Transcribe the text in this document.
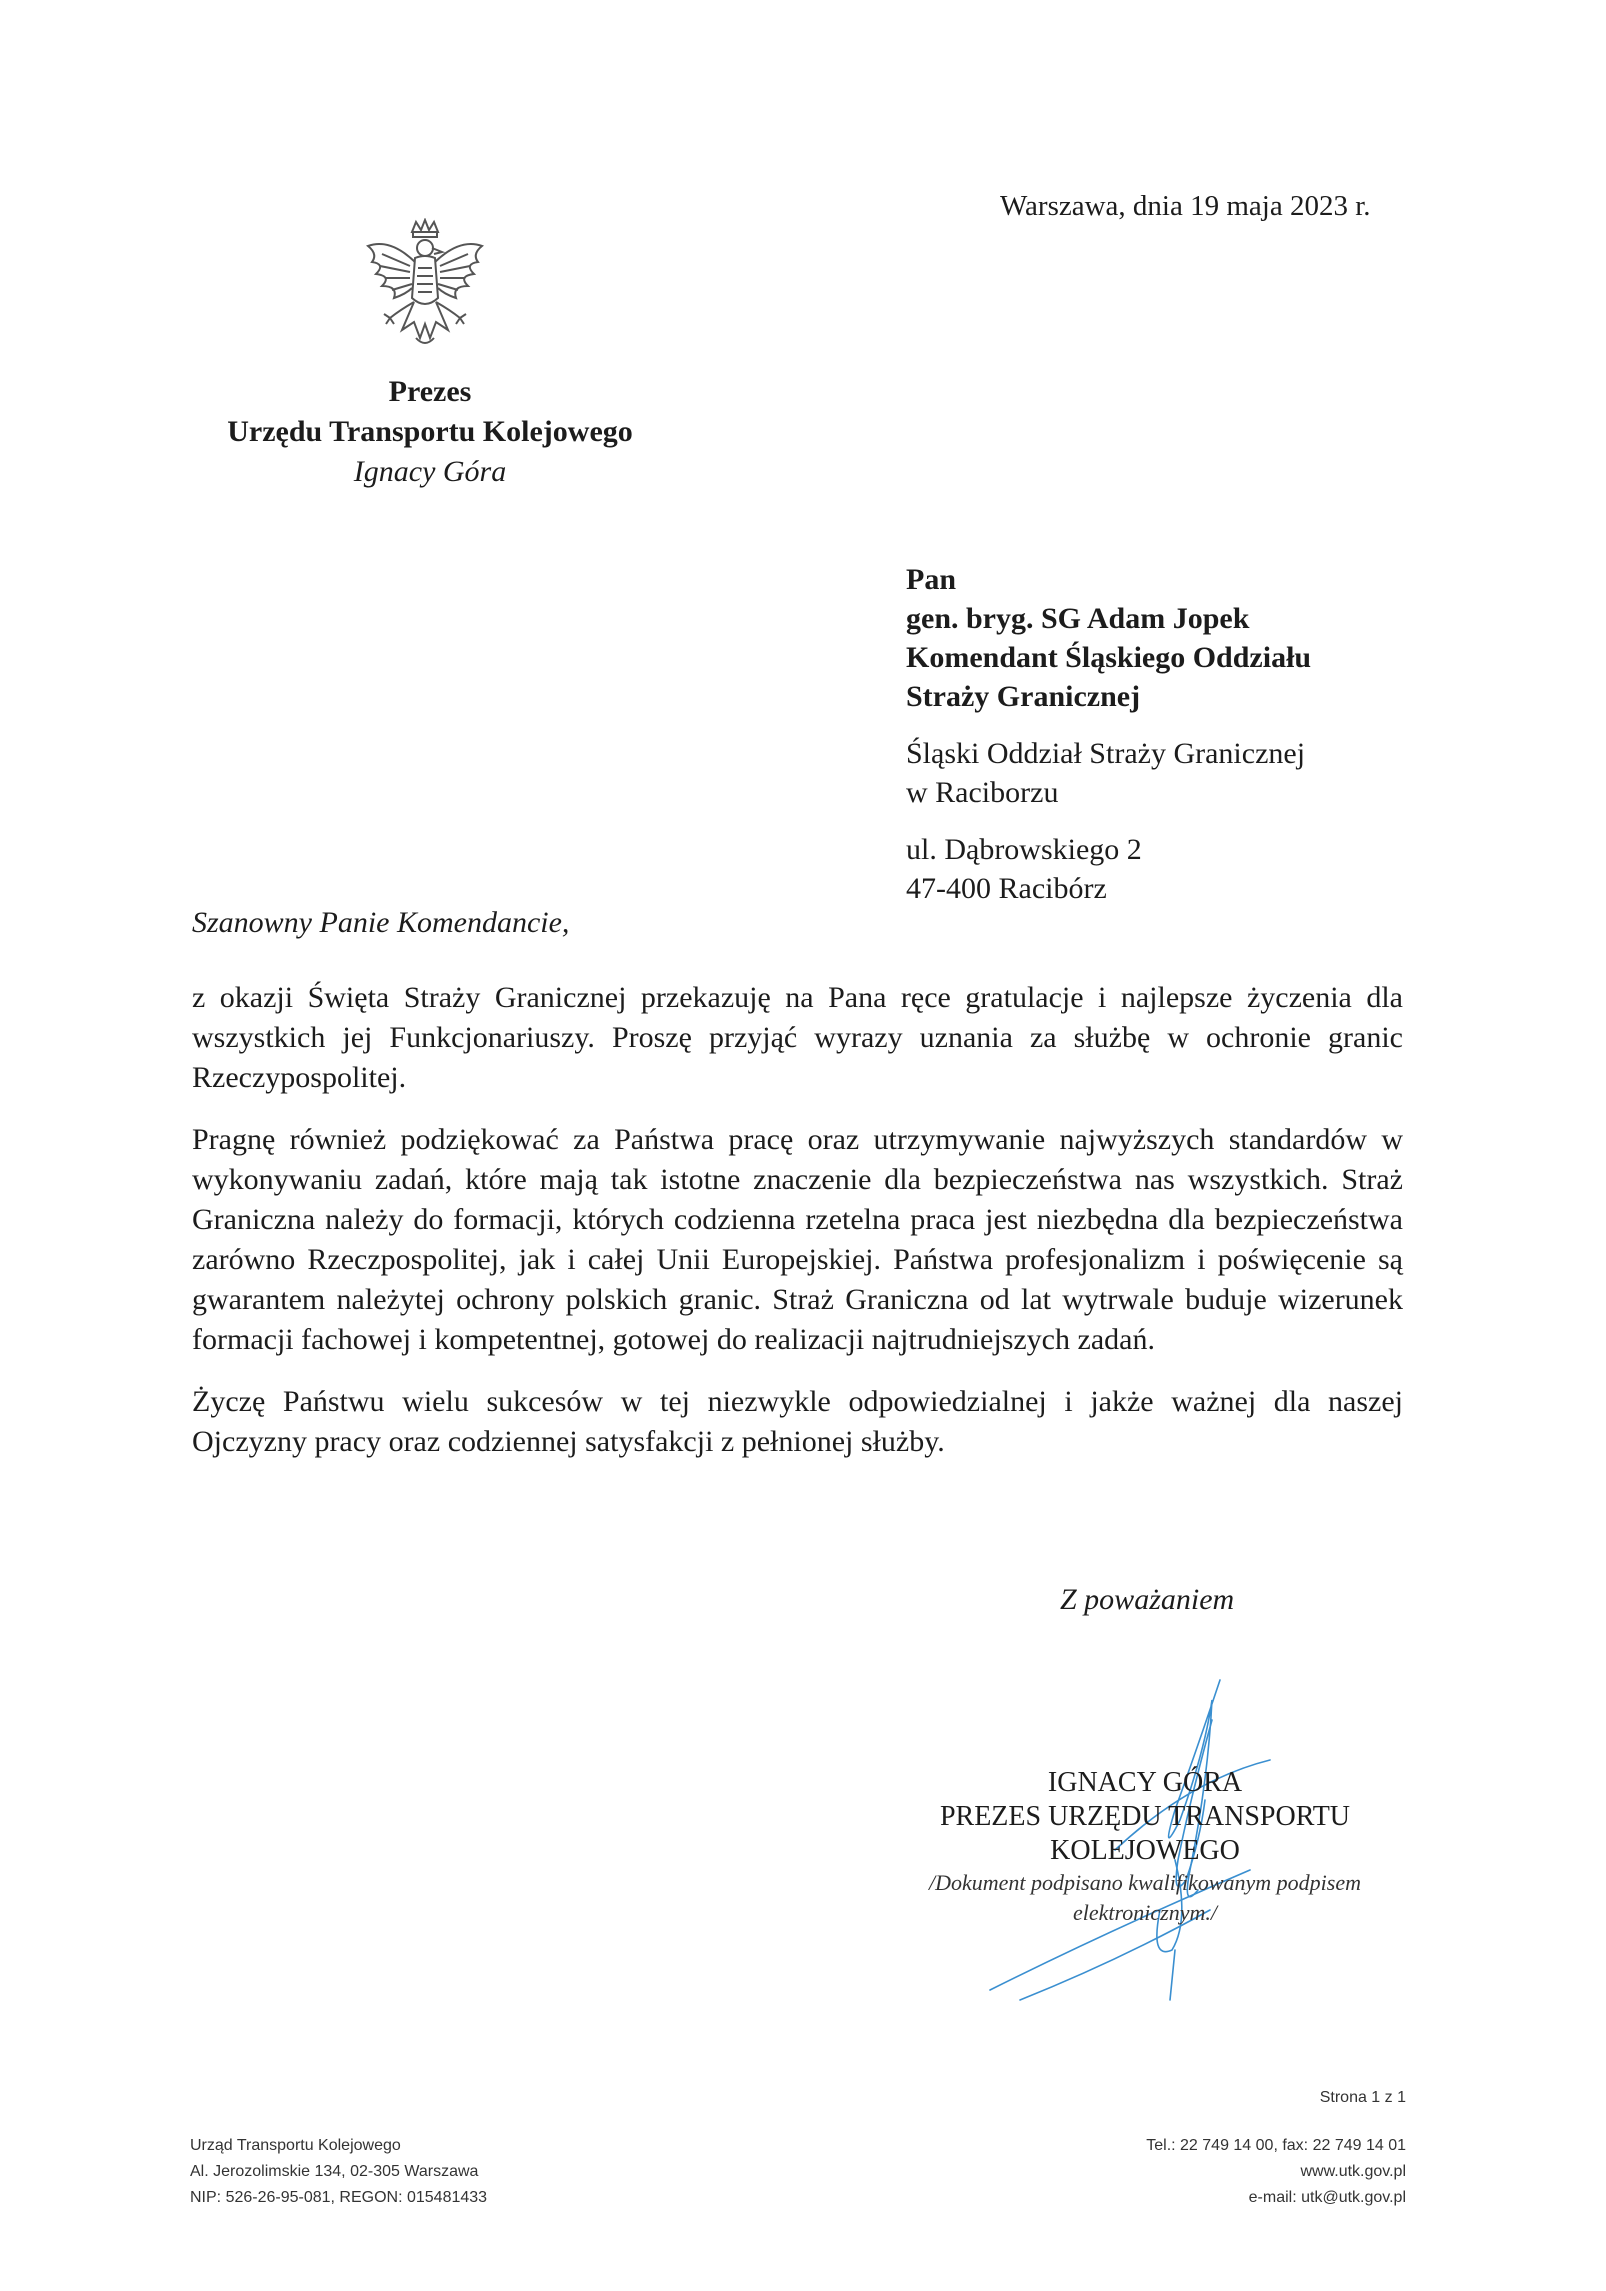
Warszawa, dnia 19 maja 2023 r.
Prezes
Urzędu Transportu Kolejowego
Ignacy Góra
Pan
gen. bryg. SG Adam Jopek
Komendant Śląskiego Oddziału
Straży Granicznej
Śląski Oddział Straży Granicznej
w Raciborzu
ul. Dąbrowskiego 2
47-400 Racibórz
Szanowny Panie Komendancie,

z okazji Święta Straży Granicznej przekazuję na Pana ręce gratulacje i najlepsze życzenia dla wszystkich jej Funkcjonariuszy. Proszę przyjąć wyrazy uznania za służbę w ochronie granic Rzeczypospolitej.

Pragnę również podziękować za Państwa pracę oraz utrzymywanie najwyższych standardów w wykonywaniu zadań, które mają tak istotne znaczenie dla bezpieczeństwa nas wszystkich. Straż Graniczna należy do formacji, których codzienna rzetelna praca jest niezbędna dla bezpieczeństwa zarówno Rzeczpospolitej, jak i całej Unii Europejskiej. Państwa profesjonalizm i poświęcenie są gwarantem należytej ochrony polskich granic. Straż Graniczna od lat wytrwale buduje wizerunek formacji fachowej i kompetentnej, gotowej do realizacji najtrudniejszych zadań.

Życzę Państwu wielu sukcesów w tej niezwykle odpowiedzialnej i jakże ważnej dla naszej Ojczyzny pracy oraz codziennej satysfakcji z pełnionej służby.

Z poważaniem
IGNACY GÓRA
PREZES URZĘDU TRANSPORTU
KOLEJOWEGO
/Dokument podpisano kwalifikowanym podpisem
elektronicznym./
Strona 1 z 1
Urząd Transportu Kolejowego
Al. Jerozolimskie 134, 02-305 Warszawa
NIP: 526-26-95-081, REGON: 015481433
Tel.: 22 749 14 00, fax: 22 749 14 01
www.utk.gov.pl
e-mail: utk@utk.gov.pl
